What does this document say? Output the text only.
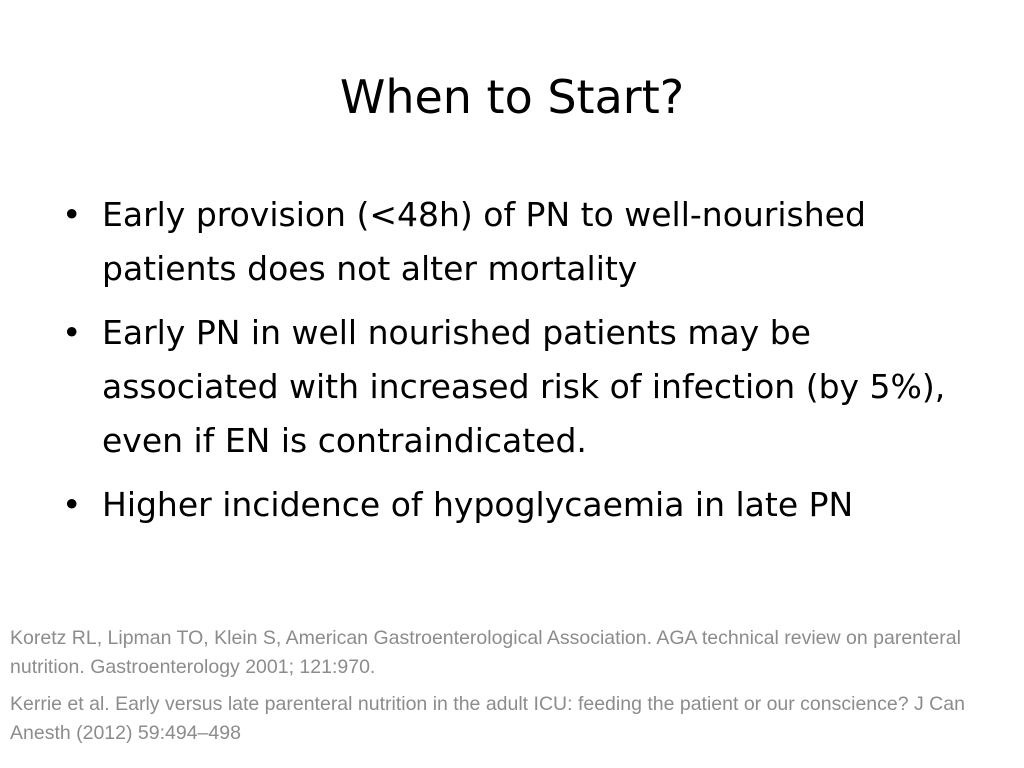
When to Start?
• Early provision (<48h) of PN to well-nourished patients does not alter mortality
• Early PN in well nourished patients may be associated with increased risk of infection (by 5%), even if EN is contraindicated.
• Higher incidence of hypoglycaemia in late PN

Koretz RL, Lipman TO, Klein S, American Gastroenterological Association. AGA technical review on parenteral nutrition. Gastroenterology 2001; 121:970.

Kerrie et al. Early versus late parenteral nutrition in the adult ICU: feeding the patient or our conscience? J Can Anesth (2012) 59:494–498
